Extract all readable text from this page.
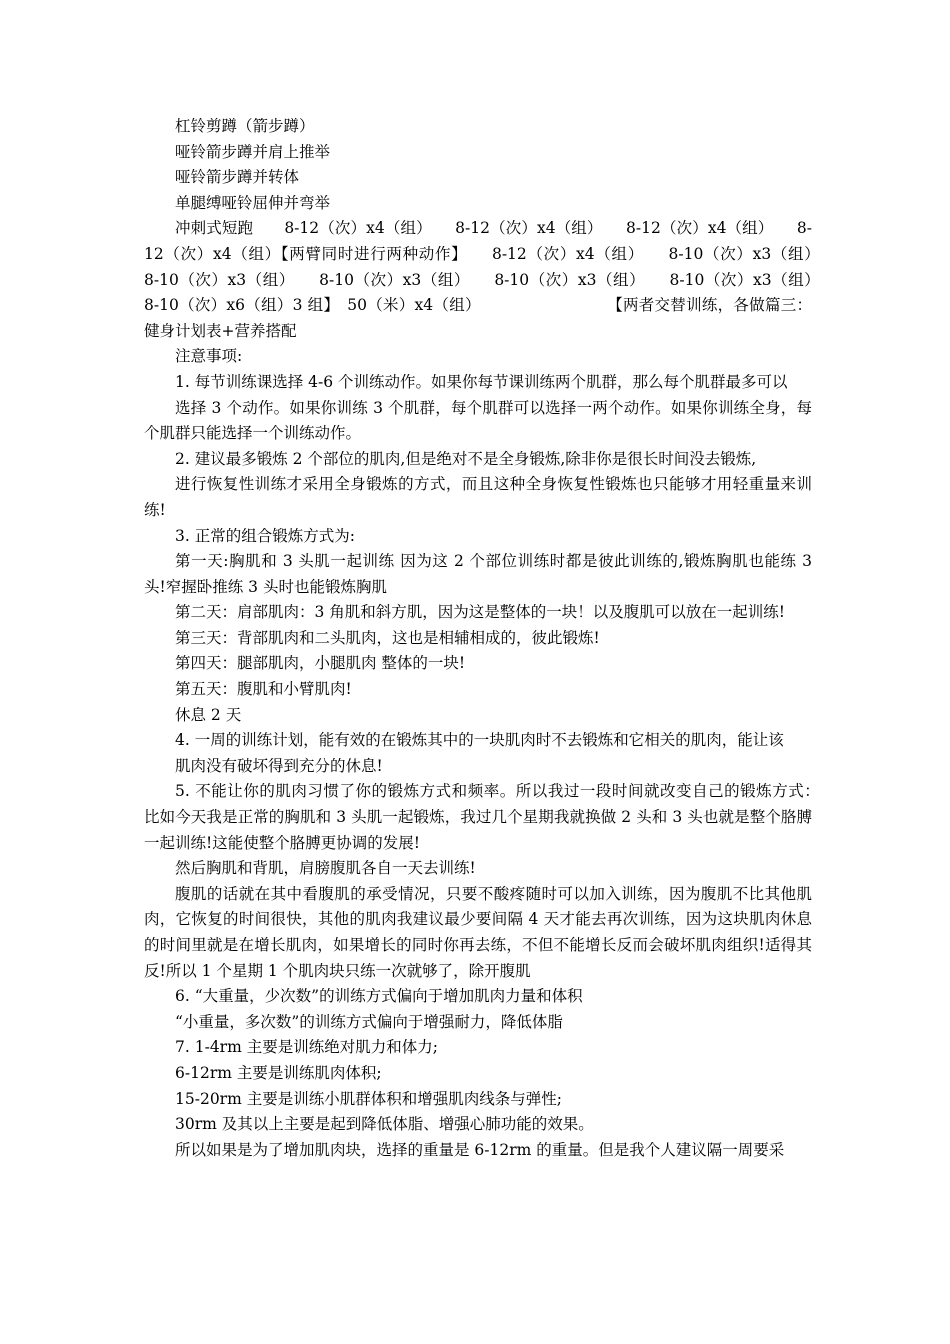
杠铃剪蹲（箭步蹲）

哑铃箭步蹲并肩上推举

哑铃箭步蹲并转体

单腿缚哑铃屈伸并弯举

冲刺式短跑　　8-12（次）x4（组）　　8-12（次）x4（组）　　8-12（次）x4（组）　　8-12（次）x4（组）【两臂同时进行两种动作】　　8-12（次）x4（组）　　8-10（次）x3（组）　　8-10（次）x3（组）　　8-10（次）x3（组）　　8-10（次）x3（组）　　8-10（次）x3（组）　　8-10（次）x6（组）3 组】　50（米）x4（组）　　　　　　　　　【两者交替训练，各做篇三：健身计划表+营养搭配

注意事项:

1. 每节训练课选择 4-6 个训练动作。如果你每节课训练两个肌群，那么每个肌群最多可以

选择 3 个动作。如果你训练 3 个肌群，每个肌群可以选择一两个动作。如果你训练全身，每个肌群只能选择一个训练动作。

2. 建议最多锻炼 2 个部位的肌肉,但是绝对不是全身锻炼,除非你是很长时间没去锻炼,

进行恢复性训练才采用全身锻炼的方式，而且这种全身恢复性锻炼也只能够才用轻重量来训练!

3. 正常的组合锻炼方式为:

第一天:胸肌和 3 头肌一起训练 因为这 2 个部位训练时都是彼此训练的,锻炼胸肌也能练 3 头!窄握卧推练 3 头时也能锻炼胸肌

第二天：肩部肌肉：3 角肌和斜方肌，因为这是整体的一块！以及腹肌可以放在一起训练!

第三天：背部肌肉和二头肌肉，这也是相辅相成的，彼此锻炼!

第四天：腿部肌肉，小腿肌肉 整体的一块!

第五天：腹肌和小臂肌肉!

休息 2 天

4. 一周的训练计划，能有效的在锻炼其中的一块肌肉时不去锻炼和它相关的肌肉，能让该

肌肉没有破坏得到充分的休息!

5. 不能让你的肌肉习惯了你的锻炼方式和频率。所以我过一段时间就改变自己的锻炼方式：　比如今天我是正常的胸肌和 3 头肌一起锻炼，我过几个星期我就换做 2 头和 3 头也就是整个胳膊一起训练!这能使整个胳膊更协调的发展!

然后胸肌和背肌，肩膀腹肌各自一天去训练!

腹肌的话就在其中看腹肌的承受情况，只要不酸疼随时可以加入训练，因为腹肌不比其他肌肉，它恢复的时间很快，其他的肌肉我建议最少要间隔 4 天才能去再次训练，因为这块肌肉休息的时间里就是在增长肌肉，如果增长的同时你再去练，不但不能增长反而会破坏肌肉组织!适得其反!所以 1 个星期 1 个肌肉块只练一次就够了，除开腹肌

6. “大重量，少次数”的训练方式偏向于增加肌肉力量和体积

“小重量，多次数”的训练方式偏向于增强耐力，降低体脂

7. 1-4rm 主要是训练绝对肌力和体力;

6-12rm 主要是训练肌肉体积;

15-20rm 主要是训练小肌群体积和增强肌肉线条与弹性;

30rm 及其以上主要是起到降低体脂、增强心肺功能的效果。

所以如果是为了增加肌肉块，选择的重量是 6-12rm 的重量。但是我个人建议隔一周要采
